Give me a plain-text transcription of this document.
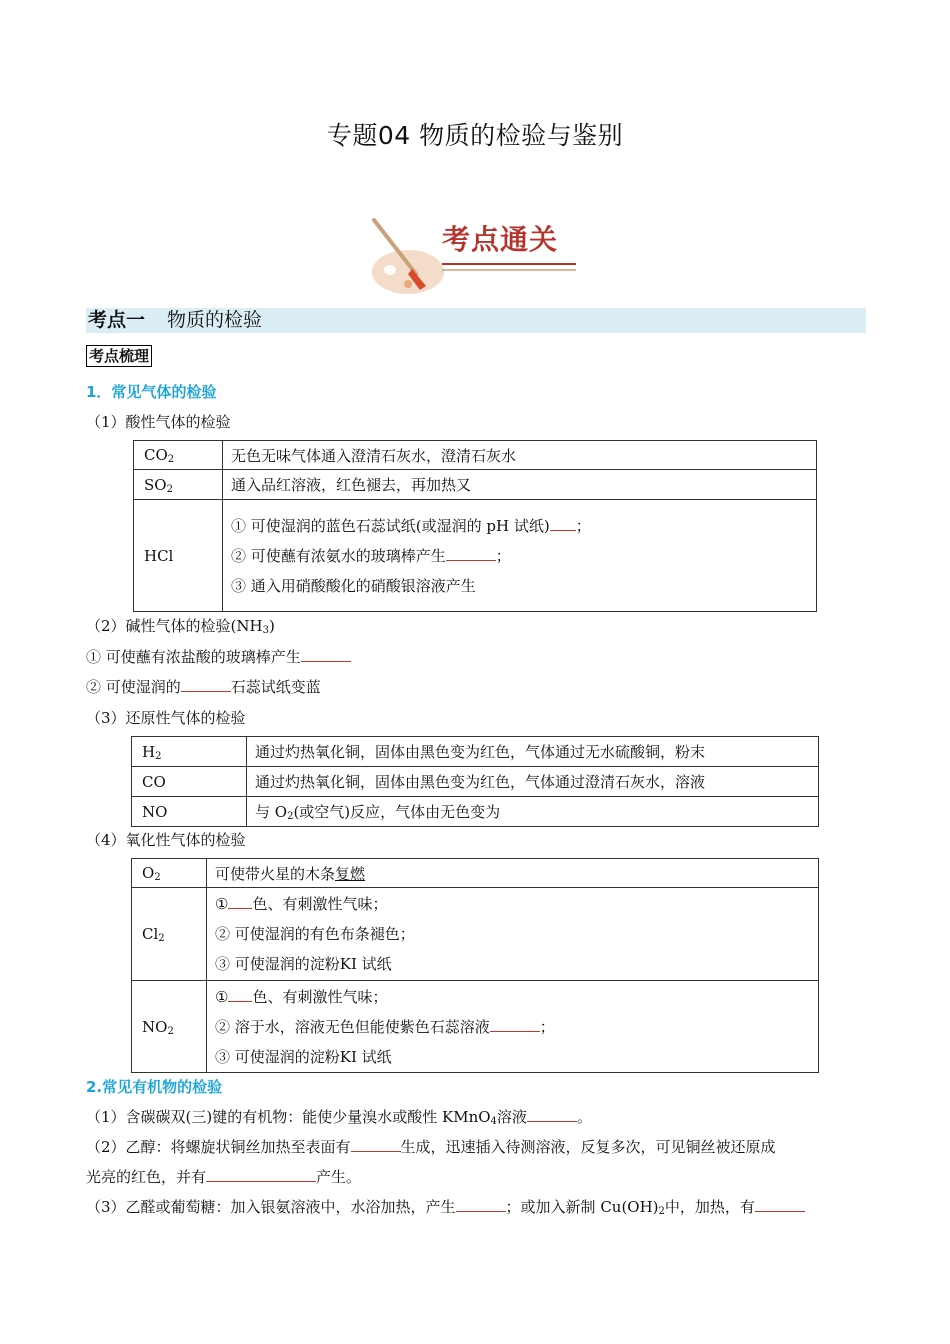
专题04 物质的检验与鉴别
考点通关
考点一 物质的检验
考点梳理
1．常见气体的检验
（1）酸性气体的检验
$CO_2$	无色无味气体通入澄清石灰水，澄清石灰水
$SO_2$	通入品红溶液，红色褪去，再加热又
HCl	① 可使湿润的蓝色石蕊试纸(或湿润的 pH 试纸) ；
② 可使蘸有浓氨水的玻璃棒产生 ；
③ 通入用硝酸酸化的硝酸银溶液产生
（2）碱性气体的检验$(NH_3)$
① 可使蘸有浓盐酸的玻璃棒产生
② 可使湿润的	石蕊试纸变蓝
（3）还原性气体的检验
$H_2$	通过灼热氧化铜，固体由黑色变为红色，气体通过无水硫酸铜，粉末
CO	通过灼热氧化铜，固体由黑色变为红色，气体通过澄清石灰水，溶液
NO	与 $O_2$(或空气)反应，气体由无色变为
（4）氧化性气体的检验
$O_2$	可使带火星的木条复燃
$Cl_2$	① 色、有刺激性气味；
② 可使湿润的有色布条褪色；
③ 可使湿润的淀粉KI 试纸

$NO_2$	① 色、有刺激性气味；
② 溶于水，溶液无色但能使紫色石蕊溶液 ；
③ 可使湿润的淀粉KI 试纸
2.常见有机物的检验
（1）含碳碳双(三)键的有机物：能使少量溴水或酸性 KMnO$_4$溶液	。
（2）乙醇：将螺旋状铜丝加热至表面有	生成，迅速插入待测溶液，反复多次，可见铜丝被还原成
光亮的红色，并有	产生。
（3）乙醛或葡萄糖：加入银氨溶液中，水浴加热，产生	；或加入新制 $Cu(OH)_2$中，加热，有
